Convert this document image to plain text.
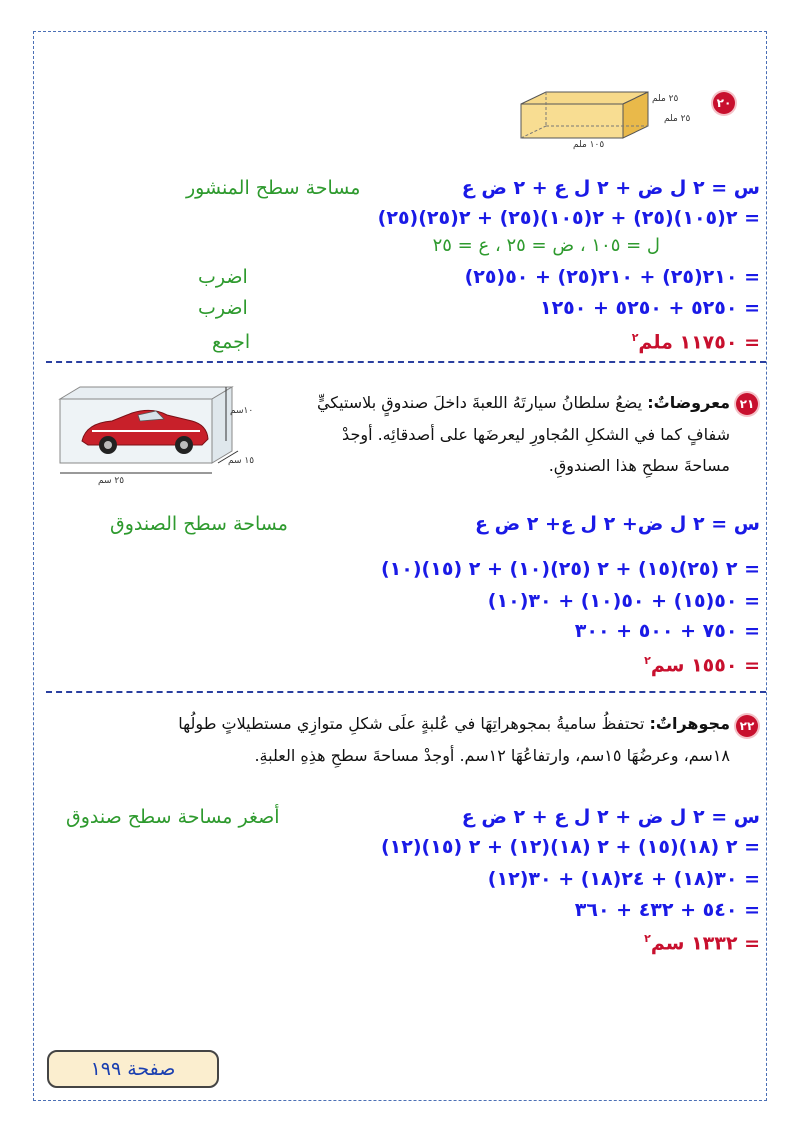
٢٠
٢٥ ملم
٢٥ ملم
١٠٥ ملم
س = ٢ ل ض + ٢ ل ع + ٢ ض ع
مساحة سطح المنشور
= ٢(١٠٥)(٢٥) + ٢(١٠٥)(٢٥) + ٢(٢٥)(٢٥)
ل = ١٠٥ ، ض = ٢٥ ، ع = ٢٥
= ٢١٠(٢٥) + ٢١٠(٢٥) + ٥٠(٢٥)
اضرب
= ٥٢٥٠ + ٥٢٥٠ + ١٢٥٠
اضرب
= ١١٧٥٠ ملم$^٢$
اجمع
٢١
معروضاتٌ: يضعُ سلطانُ سيارتَهُ اللعبةَ داخلَ صندوقٍ بلاستيكيٍّ
شفافٍ كما في الشكلِ المُجاورِ ليعرضَها على أصدقائِه. أوجدْ
مساحةَ سطحِ هذا الصندوقِ.
١٠سم
١٥ سم
٢٥ سم
س = ٢ ل ض+ ٢ ل ع+ ٢ ض ع
مساحة سطح الصندوق
= ٢ (٢٥)(١٥) + ٢ (٢٥)(١٠) + ٢ (١٥)(١٠)
= ٥٠(١٥) + ٥٠(١٠) + ٣٠(١٠)
= ٧٥٠ + ٥٠٠ + ٣٠٠
= ١٥٥٠ سم$^٢$
٢٢
مجوهراتٌ: تحتفظُ ساميةُ بمجوهراتِهَا في عُلبةٍ علَى شكلِ متوازِي مستطيلاتٍ طولُها
١٨سم، وعرضُهَا ١٥سم، وارتفاعُهَا ١٢سم. أوجدْ مساحةَ سطحِ هذِهِ العلبةِ.
س = ٢ ل ض + ٢ ل ع + ٢ ض ع
أصغر مساحة سطح صندوق
= ٢ (١٨)(١٥) + ٢ (١٨)(١٢) + ٢ (١٥)(١٢)
= ٣٠(١٨) + ٢٤(١٨) + ٣٠(١٢)
= ٥٤٠ + ٤٣٢ + ٣٦٠
= ١٣٣٢ سم$^٢$
صفحة ١٩٩
